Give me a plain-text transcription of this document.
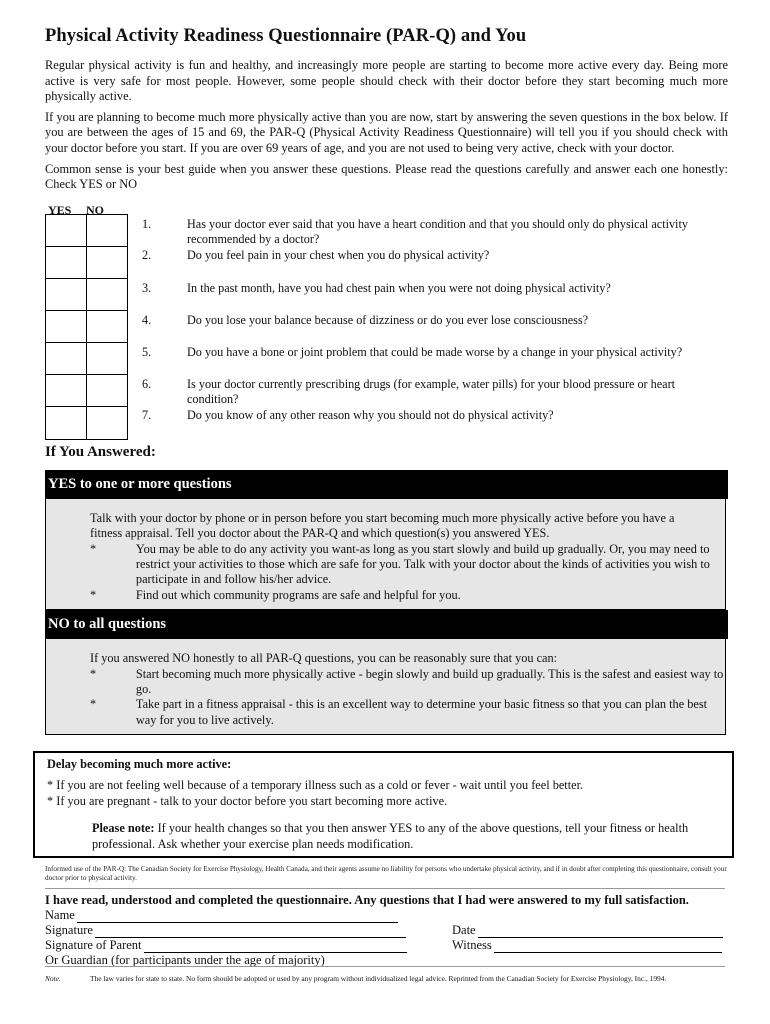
Physical Activity Readiness Questionnaire (PAR-Q) and You

Regular physical activity is fun and healthy, and increasingly more people are starting to become more active every day. Being more active is very safe for most people. However, some people should check with their doctor before they start becoming much more physically active.

If you are planning to become much more physically active than you are now, start by answering the seven questions in the box below. If you are between the ages of 15 and 69, the PAR-Q (Physical Activity Readiness Questionnaire) will tell you if you should check with your doctor before you start. If you are over 69 years of age, and you are not used to being very active, check with your doctor.

Common sense is your best guide when you answer these questions. Please read the questions carefully and answer each one honestly: Check YES or NO

YES NO
1.	Has your doctor ever said that you have a heart condition and that you should only do physical activity recommended by a doctor?
2.	Do you feel pain in your chest when you do physical activity?
3.	In the past month, have you had chest pain when you were not doing physical activity?
4.	Do you lose your balance because of dizziness or do you ever lose consciousness?
5.	Do you have a bone or joint problem that could be made worse by a change in your physical activity?
6.	Is your doctor currently prescribing drugs (for example, water pills) for your blood pressure or heart condition?
7.	Do you know of any other reason why you should not do physical activity?
If You Answered:
YES to one or more questions
Talk with your doctor by phone or in person before you start becoming much more physically active before you have a fitness appraisal. Tell you doctor about the PAR-Q and which question(s) you answered YES.
*	You may be able to do any activity you want-as long as you start slowly and build up gradually. Or, you may need to restrict your activities to those which are safe for you. Talk with your doctor about the kinds of activities you wish to participate in and follow his/her advice.
*	Find out which community programs are safe and helpful for you.
NO to all questions
If you answered NO honestly to all PAR-Q questions, you can be reasonably sure that you can:
*	Start becoming much more physically active - begin slowly and build up gradually. This is the safest and easiest way to go.
*	Take part in a fitness appraisal - this is an excellent way to determine your basic fitness so that you can plan the best way for you to live actively.
Delay becoming much more active:
* If you are not feeling well because of a temporary illness such as a cold or fever - wait until you feel better.
* If you are pregnant - talk to your doctor before you start becoming more active.
Please note: If your health changes so that you then answer YES to any of the above questions, tell your fitness or health professional. Ask whether your exercise plan needs modification.
Informed use of the PAR-Q: The Canadian Society for Exercise Physiology, Health Canada, and their agents assume no liability for persons who undertake physical activity, and if in doubt after completing this questionnaire, consult your doctor prior to physical activity.
I have read, understood and completed the questionnaire. Any questions that I had were answered to my full satisfaction.
Name
Signature	Date
Signature of Parent	Witness
Or Guardian (for participants under the age of majority)
Note.	The law varies for state to state. No form should be adopted or used by any program without individualized legal advice. Reprinted from the Canadian Society for Exercise Physiology, Inc., 1994.
